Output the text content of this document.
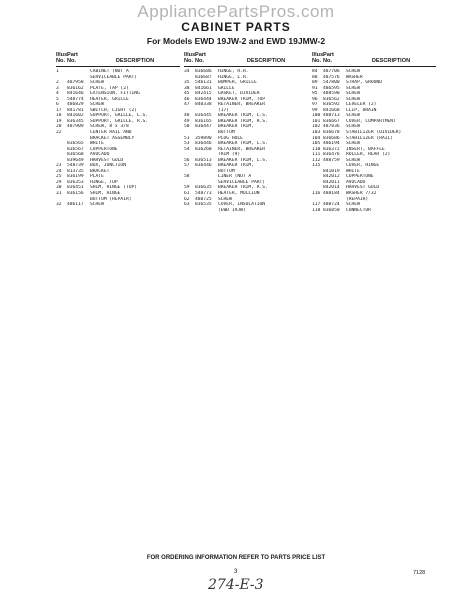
AppliancePartsPros.com
CABINET PARTS
For Models EWD 19JW-2 and EWD 19JMW-2
Illus.
No.
Part
No.
	DESCRIPTION
1	CABINET (NOT A
SERVICEABLE PART)
2	487958	SCREW
3	836162	PLATE, TAP (2)
4	841646	EXTENSION, FITTING
5	548774	HEATER, GRILLE
6	486829	SCREW
17	841781	SWITCH, LIGHT (2)
18	841602	SUPPORT, GRILLE, L.S.
19	836345	SUPPORT, GRILLE, R.S.
20	487909	SCREW, 8 x 3/8
22	CENTER RAIL AND
BRACKET ASSEMBLY
836565	WHITE
836567	COPPERTONE
836568	AVOCADO
839649	HARVEST GOLD
23	548739	BOX, JUNCTION
24	813735	BRACKET
25	836199	PLATE
29	836353	HINGE, TOP
30	836451	SHIM, HINGE (TOP)
31	836156	SHIM, HINGE
BOTTOM (REPAIR)
32	486117	SCREW
Illus.
No.
Part
No.
	DESCRIPTION
34	836686	HINGE, R.H.
836687	HINGE, L.H.
35	546131	BUMPER, GRILLE
38	841661	GRILLE
45	842415	GASKET, DIVIDER
46	836444	BREAKER TRIM, TOP
47	840338	RETAINER, BREAKER
(17)
48	836445	BREAKER TRIM, L.S.
49	836165	BREAKER TRIM, R.S.
50	836447	BREAKER TRIM,
BOTTOM
51	359890	PLUG HOLE
53	836446	BREAKER TRIM, L.S.
54	836260	RETAINER, BREAKER
TRIM (9)
56	836513	BREAKER TRIM, L.S.
57	836446	BREAKER TRIM,
BOTTOM
58	LINER (NOT A
SERVICEABLE PART)
59	836635	BREAKER TRIM, R.S.
61	548773	HEATER, MULLION
62	488725	SCREW
63	836535	COVER, INSULATION
(EWD 19JW)
Illus.
No.
Part
No.
	DESCRIPTION
84	487706	SCREW
88	487576	WASHER
89	547800	STRAP, GROUND
91	486595	SCREW
95	488590	SCREW
96	836562	SCREW
97	836592	LEVELER (2)
99	841668	CLIP, DRAIN
100 488713	SCREW
101 836667	COVER, COMPARTMENT
102 487836	SCREW
103 836678	STABILIZER (DIVIDER)
104 836686	STABILIZER (RAIL)
105 486194	SCREW
110 836372	INSERT, BAFFLE
111 836476	ROLLER, REAR (2)
112 488759	SCREW
115	COVER, HINGE
841019	WHITE
842012	COPPERTONE
842011	AVOCADO
842014	HARVEST GOLD
116 488184	WASHER 7/32
(REPAIR)
117 488724	SCREW
118 836850	CONNECTOR
FOR ORDERING INFORMATION REFER TO PARTS PRICE LIST
3	7128
274-E-3
